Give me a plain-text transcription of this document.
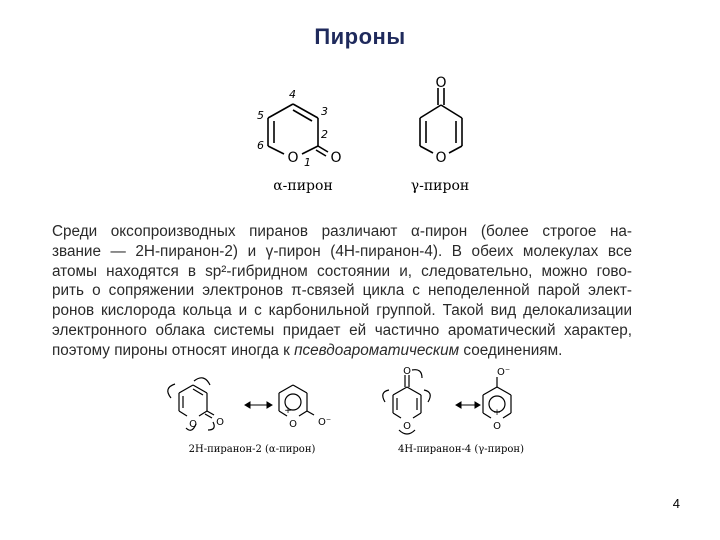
Пироны
O O
1
2
3
4
5
6
α-пирон
O
O
γ-пирон
O O
+
O O⁻
2H-пиранон-2 (α-пирон)
O
O
O⁻
+
O
4H-пиранон-4 (γ-пирон)
Среди оксопроизводных пиранов различают α-пирон (более строгое на-
звание — 2H-пиранон-2) и γ-пирон (4H-пиранон-4). В обеих молекулах все
атомы находятся в sp²-гибридном состоянии и, следовательно, можно гово-
рить о сопряжении электронов π-связей цикла с неподеленной парой элект-
ронов кислорода кольца и с карбонильной группой. Такой вид делокализации
электронного облака системы придает ей частично ароматический характер,
поэтому пироны относят иногда к псевдоароматическим соединениям.
4
